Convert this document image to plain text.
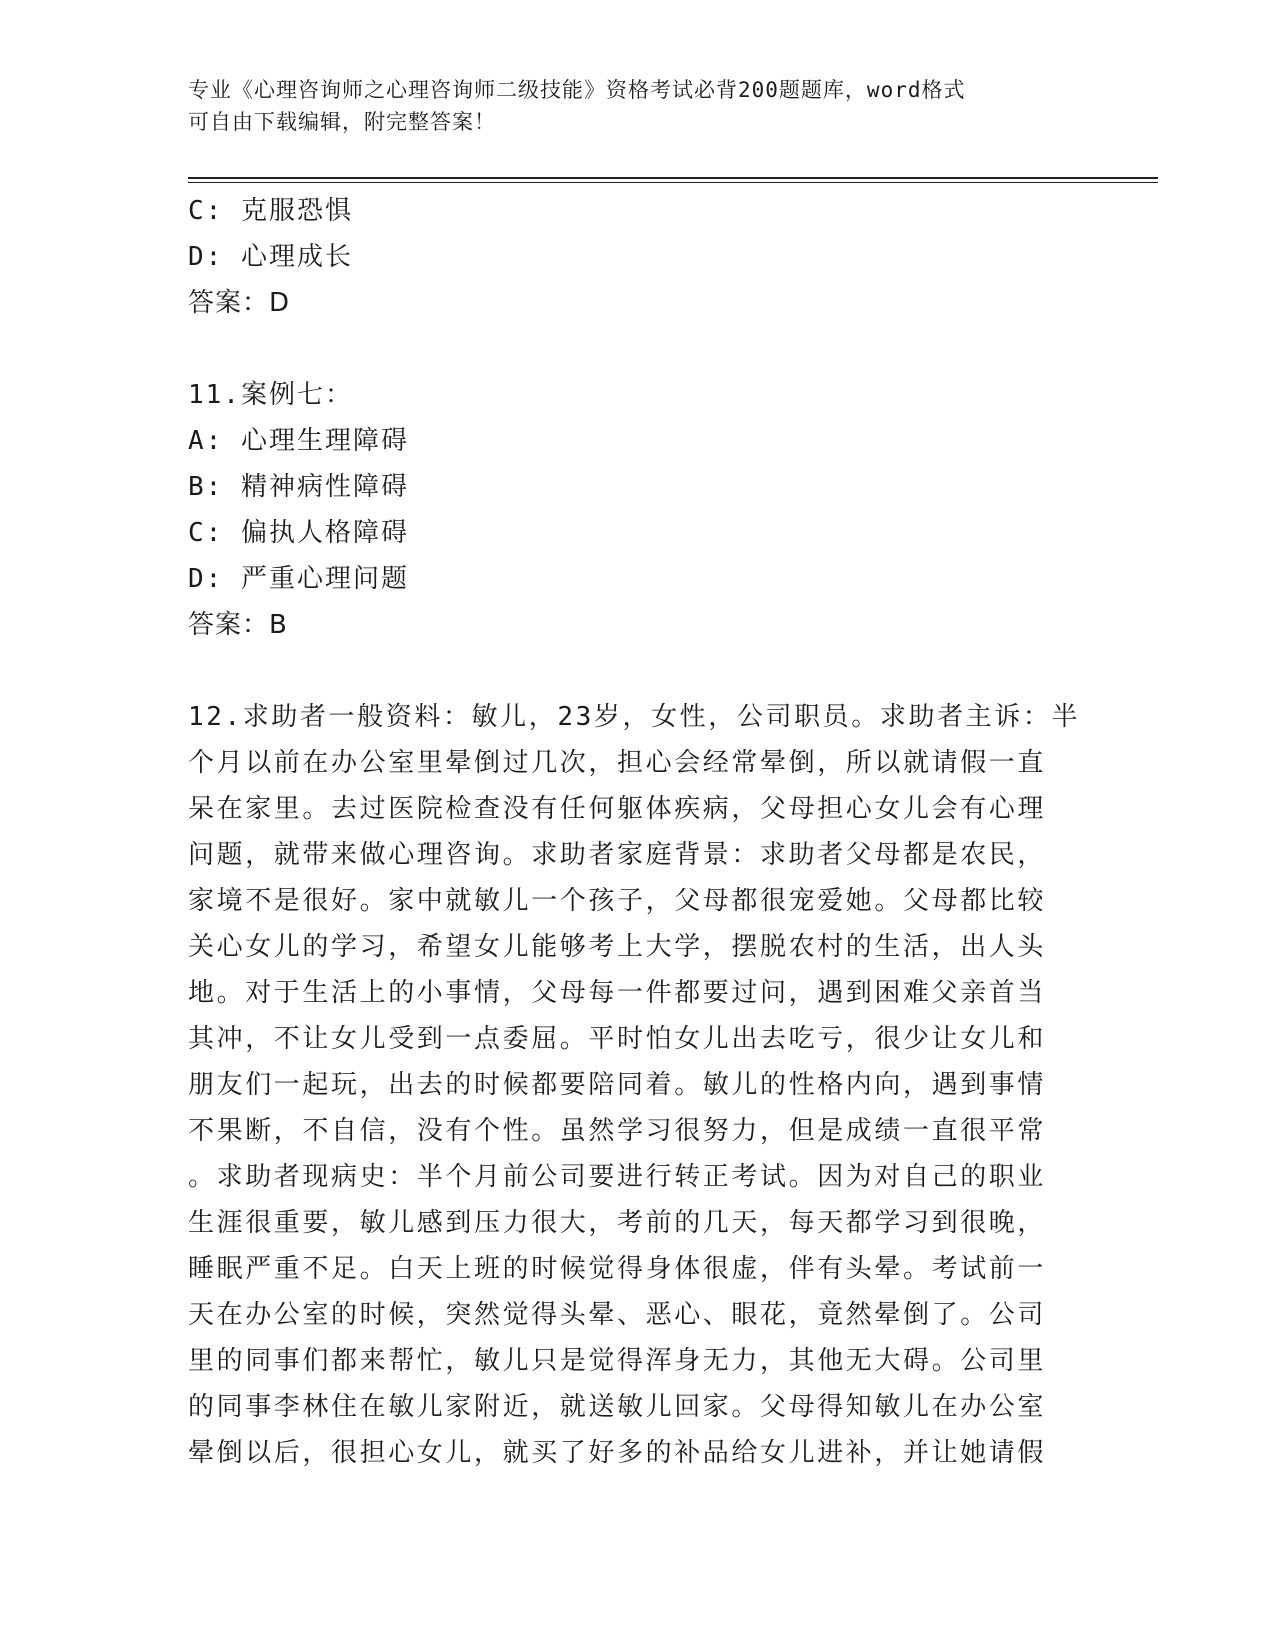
专业《心理咨询师之心理咨询师二级技能》资格考试必背200题题库，word格式
可自由下载编辑，附完整答案！
C: 克服恐惧
D: 心理成长
答案：D
11.案例七：
A: 心理生理障碍
B: 精神病性障碍
C: 偏执人格障碍
D: 严重心理问题
答案：B
12.求助者一般资料：敏儿，23岁，女性，公司职员。求助者主诉：半
个月以前在办公室里晕倒过几次，担心会经常晕倒，所以就请假一直
呆在家里。去过医院检查没有任何躯体疾病，父母担心女儿会有心理
问题，就带来做心理咨询。求助者家庭背景：求助者父母都是农民，
家境不是很好。家中就敏儿一个孩子，父母都很宠爱她。父母都比较
关心女儿的学习，希望女儿能够考上大学，摆脱农村的生活，出人头
地。对于生活上的小事情，父母每一件都要过问，遇到困难父亲首当
其冲，不让女儿受到一点委屈。平时怕女儿出去吃亏，很少让女儿和
朋友们一起玩，出去的时候都要陪同着。敏儿的性格内向，遇到事情
不果断，不自信，没有个性。虽然学习很努力，但是成绩一直很平常
。求助者现病史：半个月前公司要进行转正考试。因为对自己的职业
生涯很重要，敏儿感到压力很大，考前的几天，每天都学习到很晚，
睡眠严重不足。白天上班的时候觉得身体很虚，伴有头晕。考试前一
天在办公室的时候，突然觉得头晕、恶心、眼花，竟然晕倒了。公司
里的同事们都来帮忙，敏儿只是觉得浑身无力，其他无大碍。公司里
的同事李林住在敏儿家附近，就送敏儿回家。父母得知敏儿在办公室
晕倒以后，很担心女儿，就买了好多的补品给女儿进补，并让她请假
